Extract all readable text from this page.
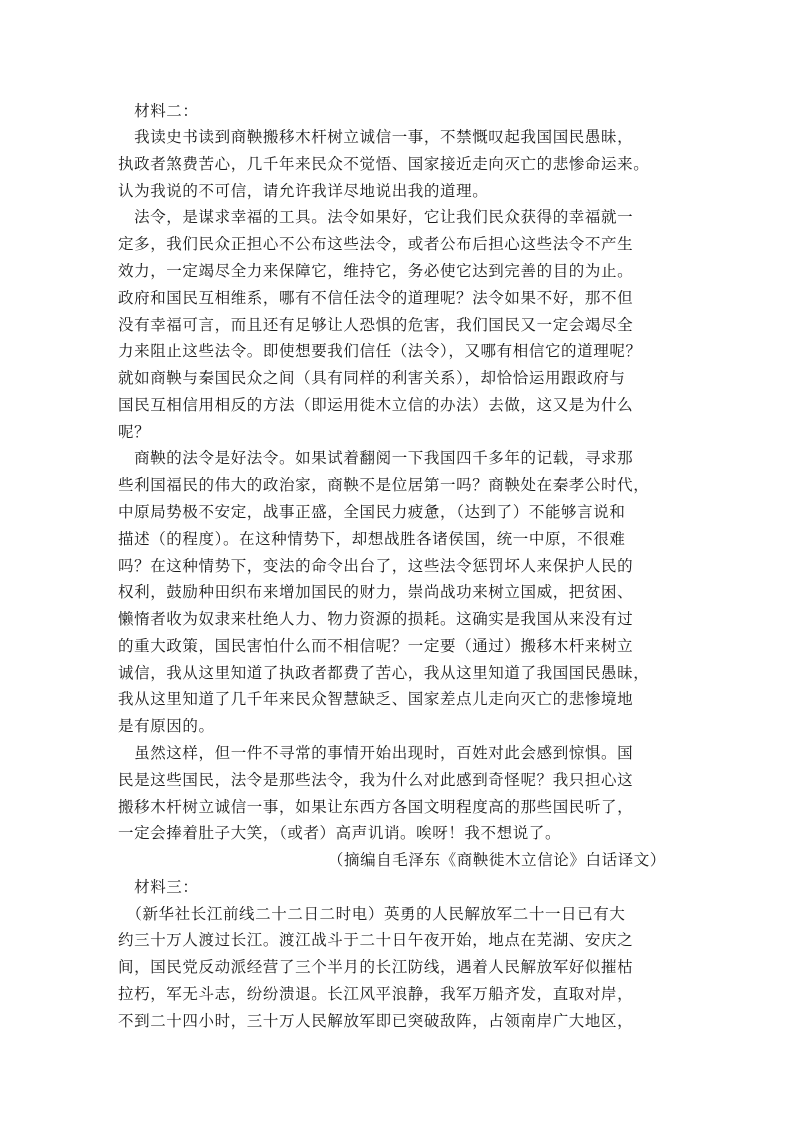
　材料二：
　我读史书读到商鞅搬移木杆树立诚信一事，不禁慨叹起我国国民愚昧，
执政者煞费苦心，几千年来民众不觉悟、国家接近走向灭亡的悲惨命运来。
认为我说的不可信，请允许我详尽地说出我的道理。
　法令，是谋求幸福的工具。法令如果好，它让我们民众获得的幸福就一
定多，我们民众正担心不公布这些法令，或者公布后担心这些法令不产生
效力，一定竭尽全力来保障它，维持它，务必使它达到完善的目的为止。
政府和国民互相维系，哪有不信任法令的道理呢？法令如果不好，那不但
没有幸福可言，而且还有足够让人恐惧的危害，我们国民又一定会竭尽全
力来阻止这些法令。即使想要我们信任（法令），又哪有相信它的道理呢？
就如商鞅与秦国民众之间（具有同样的利害关系），却恰恰运用跟政府与
国民互相信用相反的方法（即运用徙木立信的办法）去做，这又是为什么
呢？
　商鞅的法令是好法令。如果试着翻阅一下我国四千多年的记载，寻求那
些利国福民的伟大的政治家，商鞅不是位居第一吗？商鞅处在秦孝公时代，
中原局势极不安定，战事正盛，全国民力疲惫，（达到了）不能够言说和
描述（的程度）。在这种情势下，却想战胜各诸侯国，统一中原，不很难
吗？在这种情势下，变法的命令出台了，这些法令惩罚坏人来保护人民的
权利，鼓励种田织布来增加国民的财力，崇尚战功来树立国威，把贫困、
懒惰者收为奴隶来杜绝人力、物力资源的损耗。这确实是我国从来没有过
的重大政策，国民害怕什么而不相信呢？一定要（通过）搬移木杆来树立
诚信，我从这里知道了执政者都费了苦心，我从这里知道了我国国民愚昧，
我从这里知道了几千年来民众智慧缺乏、国家差点儿走向灭亡的悲惨境地
是有原因的。
　虽然这样，但一件不寻常的事情开始出现时，百姓对此会感到惊惧。国
民是这些国民，法令是那些法令，我为什么对此感到奇怪呢？我只担心这
搬移木杆树立诚信一事，如果让东西方各国文明程度高的那些国民听了，
一定会捧着肚子大笑，（或者）高声讥诮。唉呀！我不想说了。
（摘编自毛泽东《商鞅徙木立信论》白话译文）
　材料三：
　（新华社长江前线二十二日二时电）英勇的人民解放军二十一日已有大
约三十万人渡过长江。渡江战斗于二十日午夜开始，地点在芜湖、安庆之
间，国民党反动派经营了三个半月的长江防线，遇着人民解放军好似摧枯
拉朽，军无斗志，纷纷溃退。长江风平浪静，我军万船齐发，直取对岸，
不到二十四小时，三十万人民解放军即已突破敌阵，占领南岸广大地区，
